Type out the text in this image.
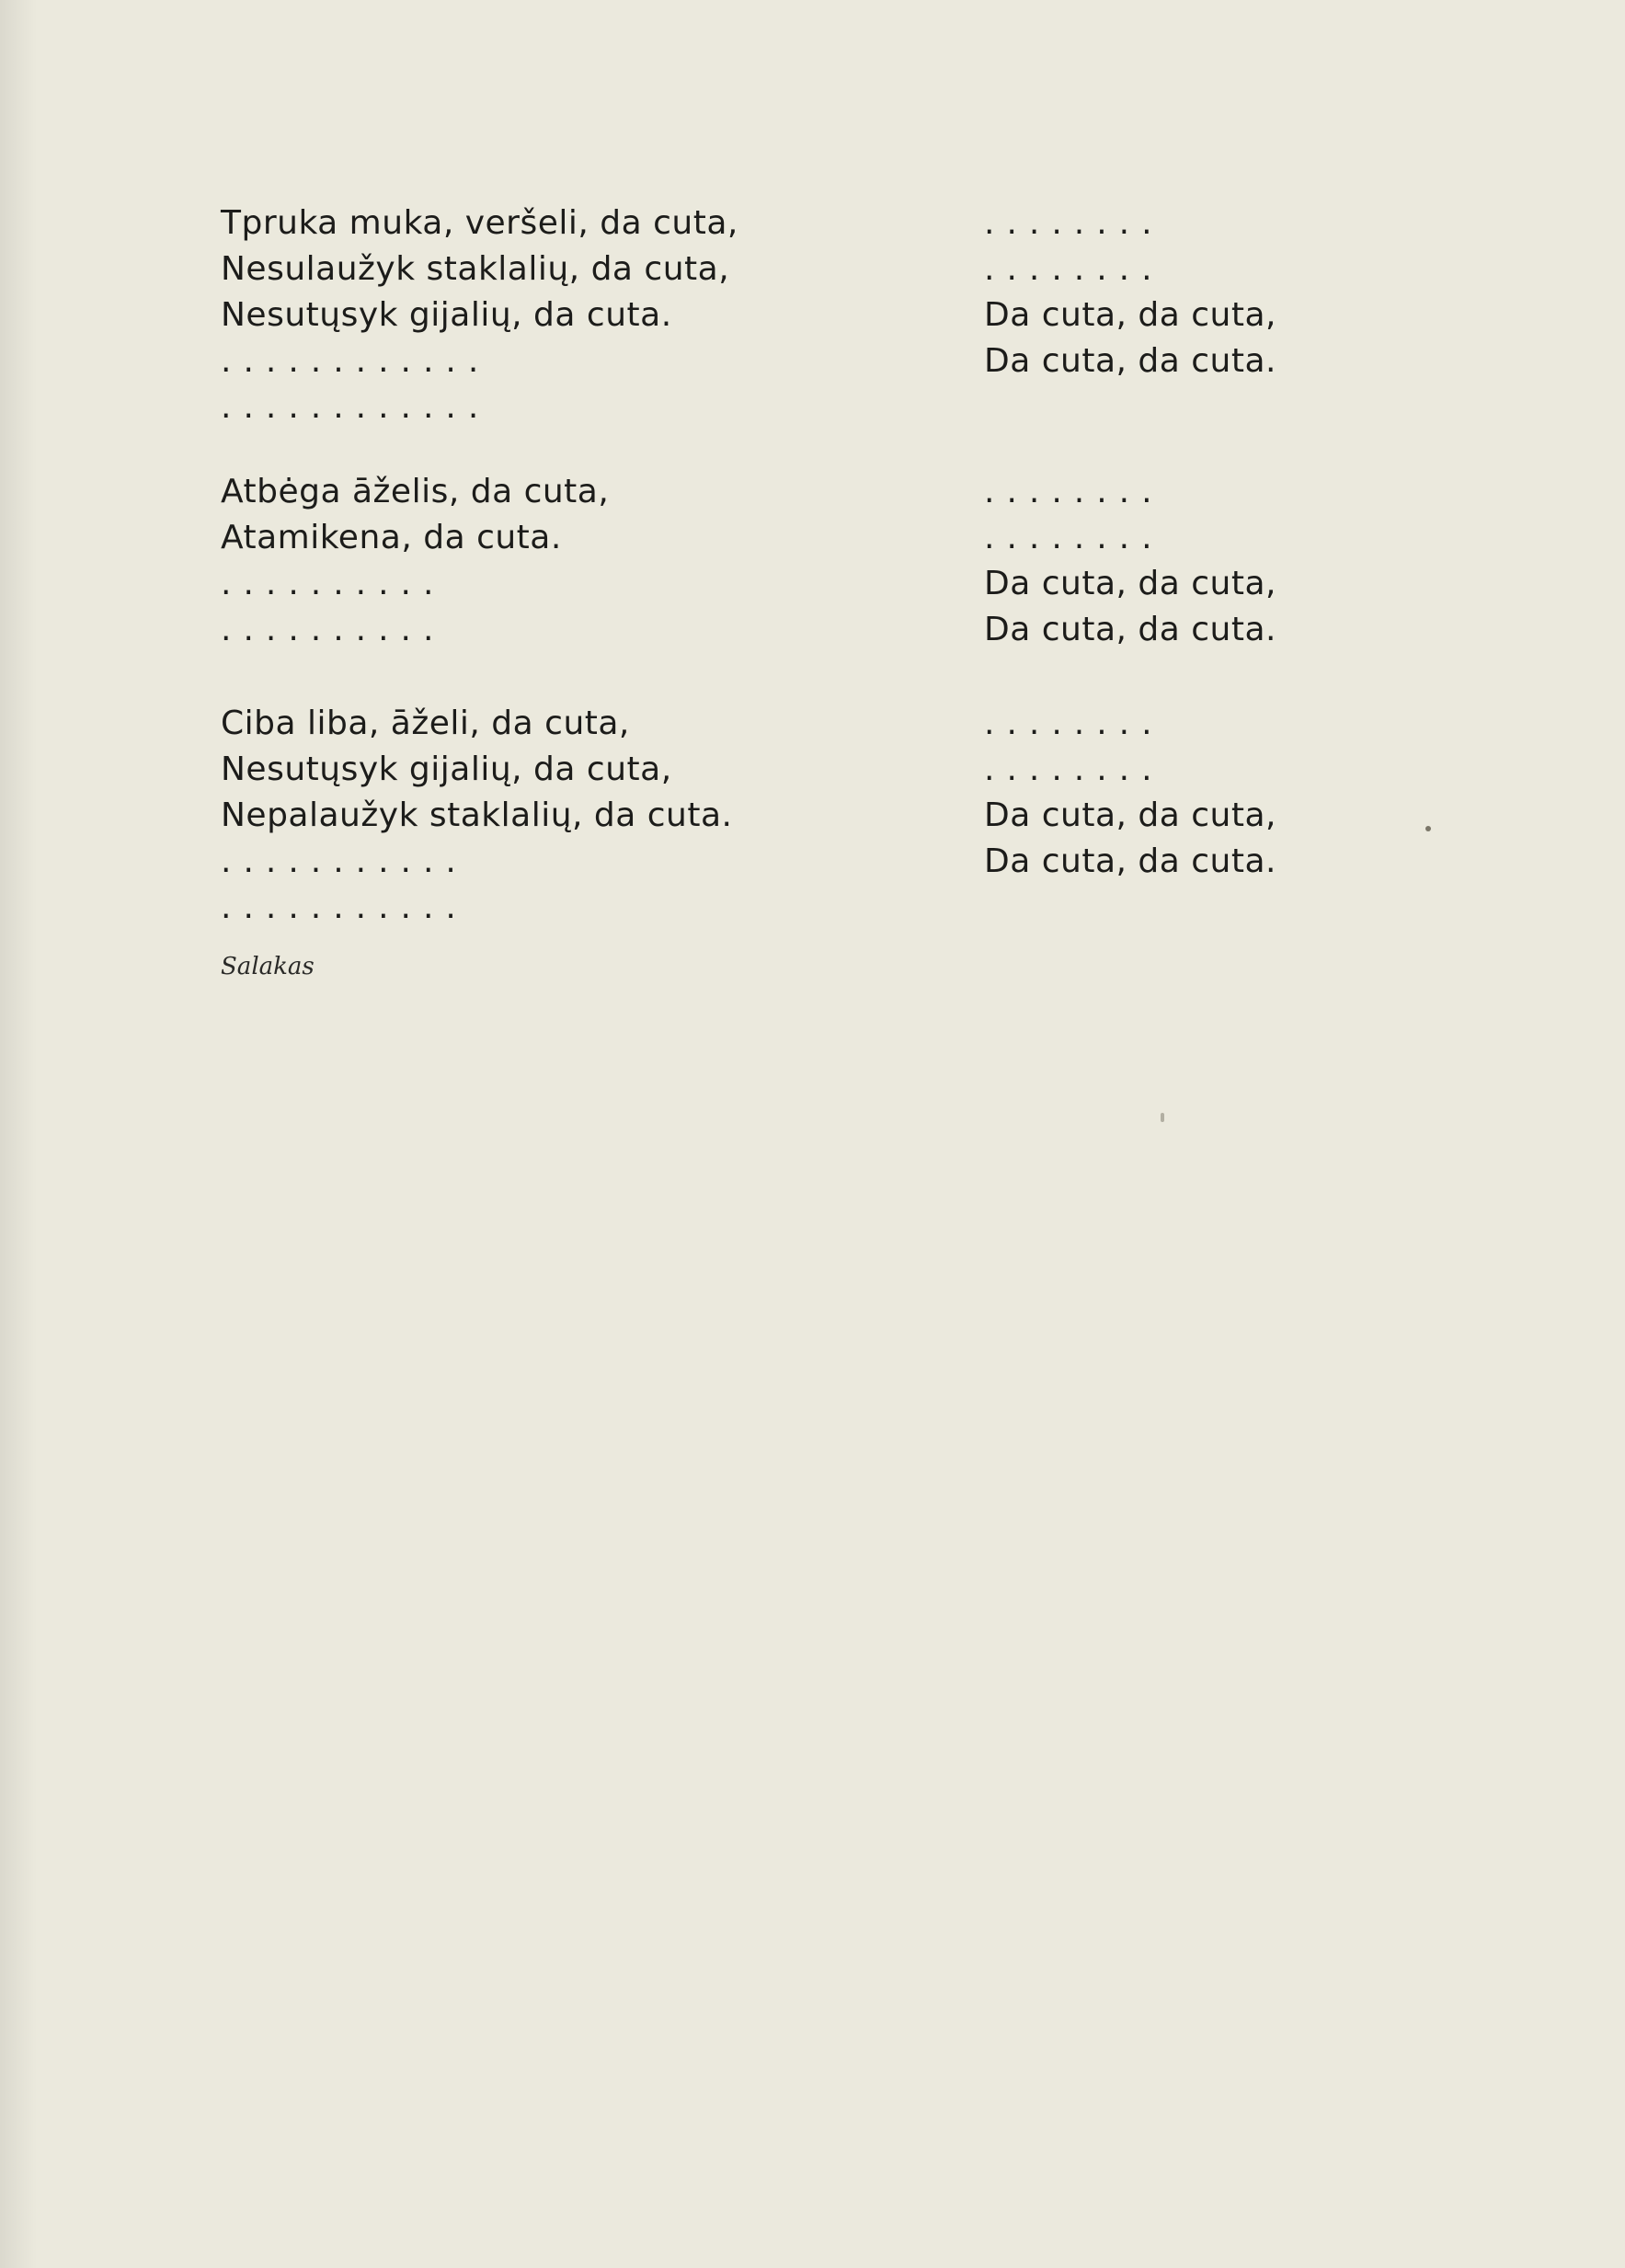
Tpruka muka, veršeli, da cuta,
Nesulaužyk staklalių, da cuta,
Nesutųsyk gijalių, da cuta.
............
............
........
........
Da cuta, da cuta,
Da cuta, da cuta.
Atbėga āželis, da cuta,
Atamikena, da cuta.
..........
..........
........
........
Da cuta, da cuta,
Da cuta, da cuta.
Ciba liba, āželi, da cuta,
Nesutųsyk gijalių, da cuta,
Nepalaužyk staklalių, da cuta.
...........
...........
........
........
Da cuta, da cuta,
Da cuta, da cuta.
Salakas
